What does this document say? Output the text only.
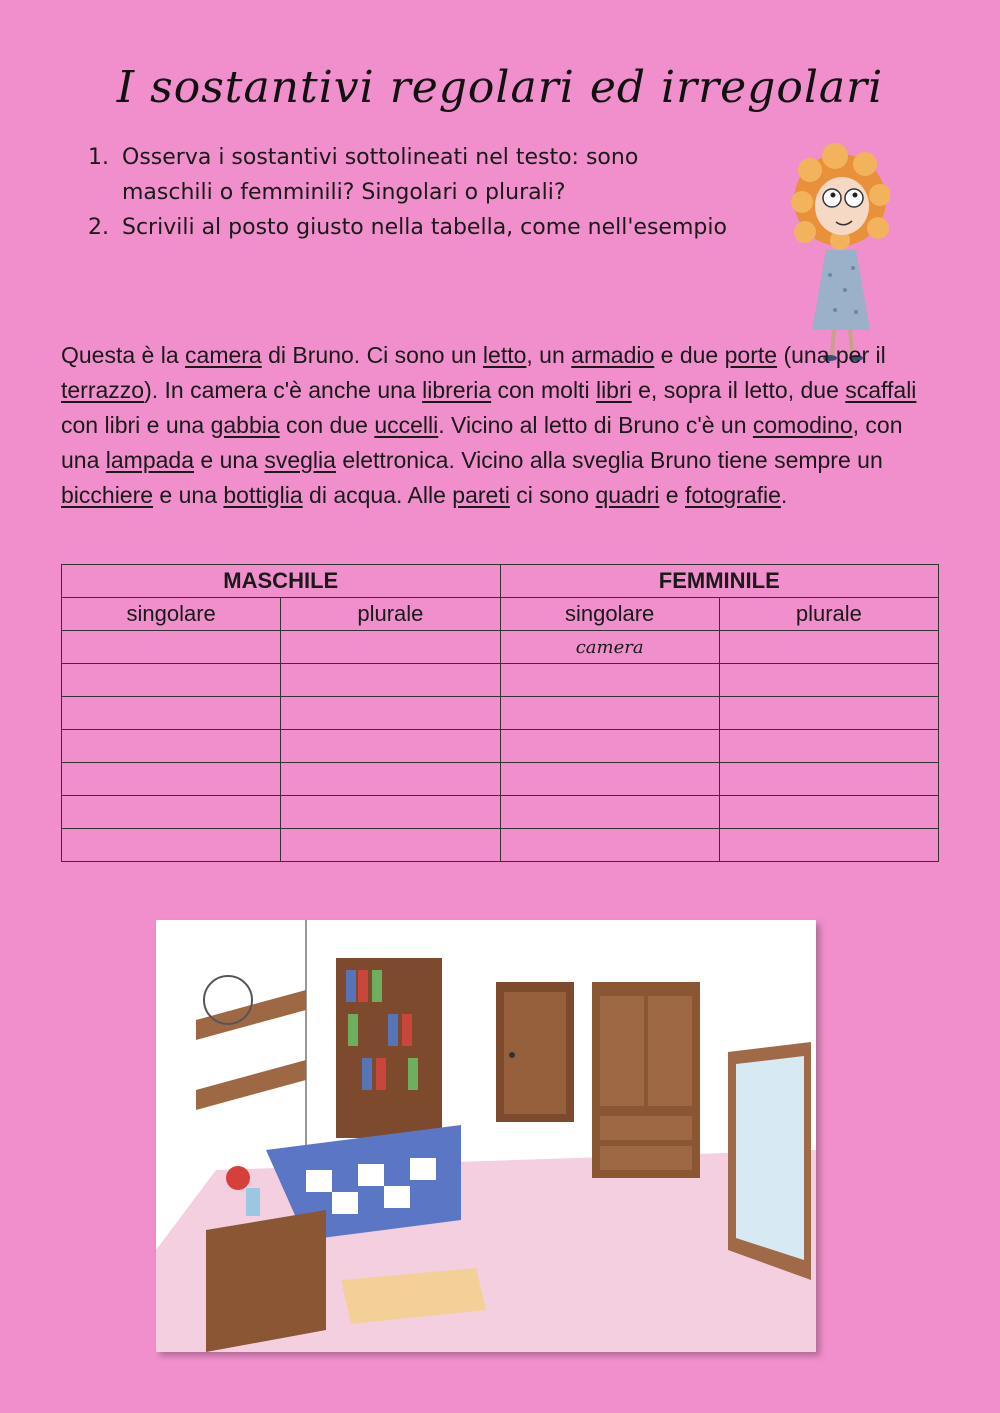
I sostantivi regolari ed irregolari
1. Osserva i sostantivi sottolineati nel testo: sono maschili o femminili? Singolari o plurali?
2. Scrivili al posto giusto nella tabella, come nell'esempio
Questa è la camera di Bruno. Ci sono un letto, un armadio e due porte (una per il terrazzo). In camera c'è anche una libreria con molti libri e, sopra il letto, due scaffali con libri e una gabbia con due uccelli. Vicino al letto di Bruno c'è un comodino, con una lampada e una sveglia elettronica. Vicino alla sveglia Bruno tiene sempre un bicchiere e una bottiglia di acqua. Alle pareti ci sono quadri e fotografie.
MASCHILE		FEMMINILE	
singolare	plurale	singolare	plurale
		camera	
